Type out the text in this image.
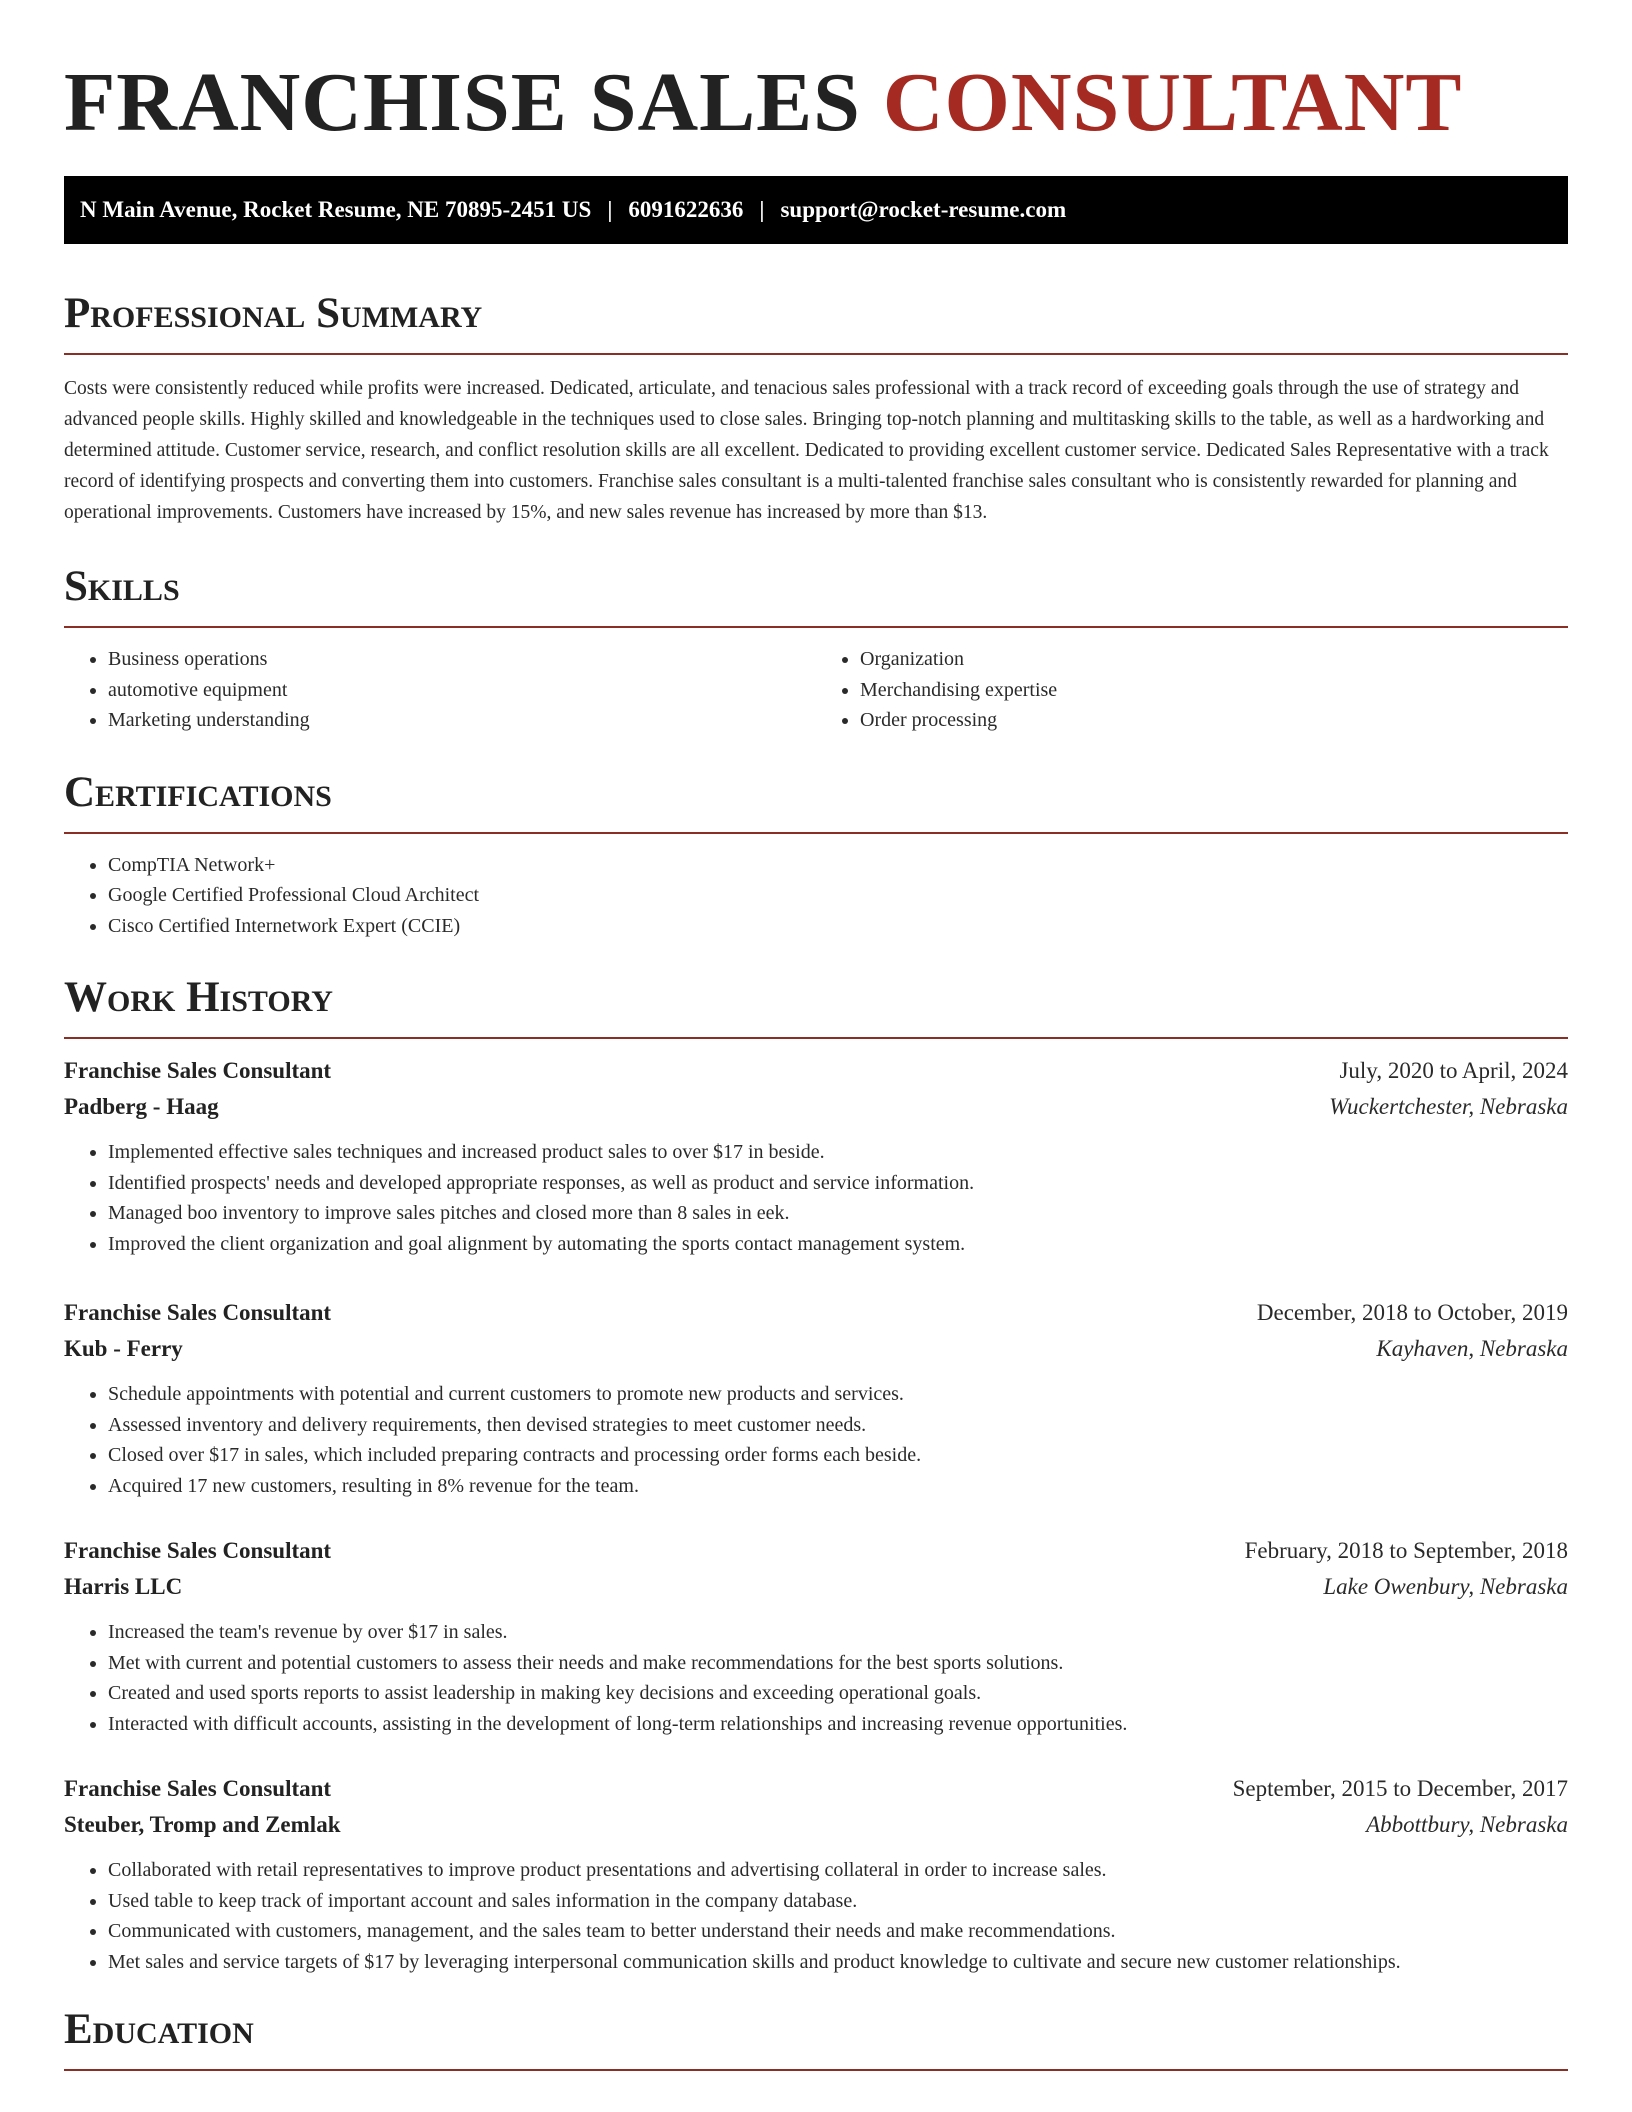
FRANCHISE SALES CONSULTANT
N Main Avenue, Rocket Resume, NE 70895-2451 US | 6091622636 | support@rocket-resume.com
Professional Summary

Costs were consistently reduced while profits were increased. Dedicated, articulate, and tenacious sales professional with a track record of exceeding goals through the use of strategy and advanced people skills. Highly skilled and knowledgeable in the techniques used to close sales. Bringing top-notch planning and multitasking skills to the table, as well as a hardworking and determined attitude. Customer service, research, and conflict resolution skills are all excellent. Dedicated to providing excellent customer service. Dedicated Sales Representative with a track record of identifying prospects and converting them into customers. Franchise sales consultant is a multi-talented franchise sales consultant who is consistently rewarded for planning and operational improvements. Customers have increased by 15%, and new sales revenue has increased by more than $13.

Skills
• Business operations
• automotive equipment
• Marketing understanding
• Organization
• Merchandising expertise
• Order processing
Certifications
• CompTIA Network+
• Google Certified Professional Cloud Architect
• Cisco Certified Internetwork Expert (CCIE)
Work History
Franchise Sales Consultant	July, 2020 to April, 2024
Padberg - Haag	Wuckertchester, Nebraska
• Implemented effective sales techniques and increased product sales to over $17 in beside.
• Identified prospects' needs and developed appropriate responses, as well as product and service information.
• Managed boo inventory to improve sales pitches and closed more than 8 sales in eek.
• Improved the client organization and goal alignment by automating the sports contact management system.
Franchise Sales Consultant	December, 2018 to October, 2019
Kub - Ferry	Kayhaven, Nebraska
• Schedule appointments with potential and current customers to promote new products and services.
• Assessed inventory and delivery requirements, then devised strategies to meet customer needs.
• Closed over $17 in sales, which included preparing contracts and processing order forms each beside.
• Acquired 17 new customers, resulting in 8% revenue for the team.
Franchise Sales Consultant	February, 2018 to September, 2018
Harris LLC	Lake Owenbury, Nebraska
• Increased the team's revenue by over $17 in sales.
• Met with current and potential customers to assess their needs and make recommendations for the best sports solutions.
• Created and used sports reports to assist leadership in making key decisions and exceeding operational goals.
• Interacted with difficult accounts, assisting in the development of long-term relationships and increasing revenue opportunities.
Franchise Sales Consultant	September, 2015 to December, 2017
Steuber, Tromp and Zemlak	Abbottbury, Nebraska
• Collaborated with retail representatives to improve product presentations and advertising collateral in order to increase sales.
• Used table to keep track of important account and sales information in the company database.
• Communicated with customers, management, and the sales team to better understand their needs and make recommendations.
• Met sales and service targets of $17 by leveraging interpersonal communication skills and product knowledge to cultivate and secure new customer relationships.
Education
